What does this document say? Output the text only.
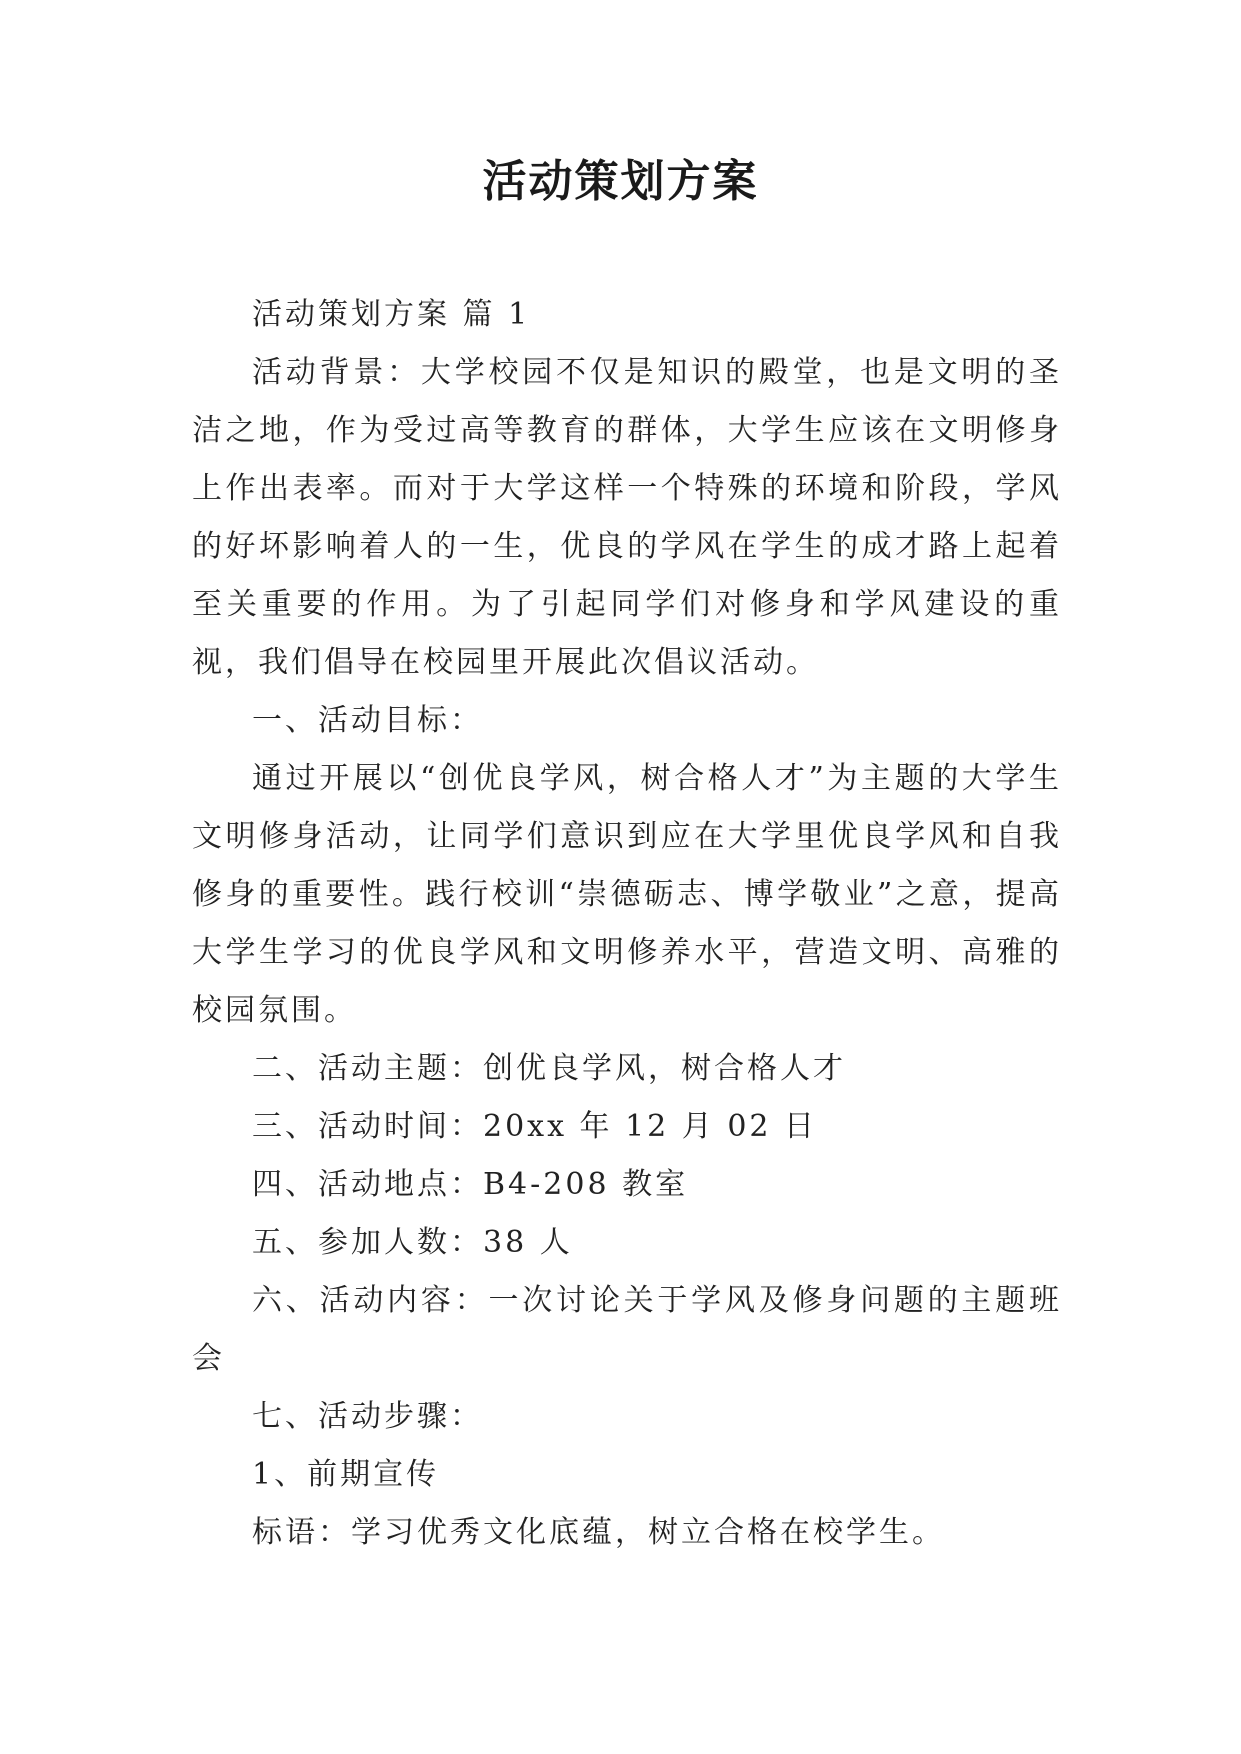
活动策划方案

活动策划方案 篇 1

活动背景：大学校园不仅是知识的殿堂，也是文明的圣洁之地，作为受过高等教育的群体，大学生应该在文明修身上作出表率。而对于大学这样一个特殊的环境和阶段，学风的好坏影响着人的一生，优良的学风在学生的成才路上起着至关重要的作用。为了引起同学们对修身和学风建设的重视，我们倡导在校园里开展此次倡议活动。

一、活动目标：

通过开展以“创优良学风，树合格人才”为主题的大学生文明修身活动，让同学们意识到应在大学里优良学风和自我修身的重要性。践行校训“崇德砺志、博学敬业”之意，提高大学生学习的优良学风和文明修养水平，营造文明、高雅的校园氛围。

二、活动主题：创优良学风，树合格人才

三、活动时间：20xx 年 12 月 02 日

四、活动地点：B4-208 教室

五、参加人数：38 人

六、活动内容：一次讨论关于学风及修身问题的主题班会

七、活动步骤：

1、前期宣传

标语：学习优秀文化底蕴，树立合格在校学生。
